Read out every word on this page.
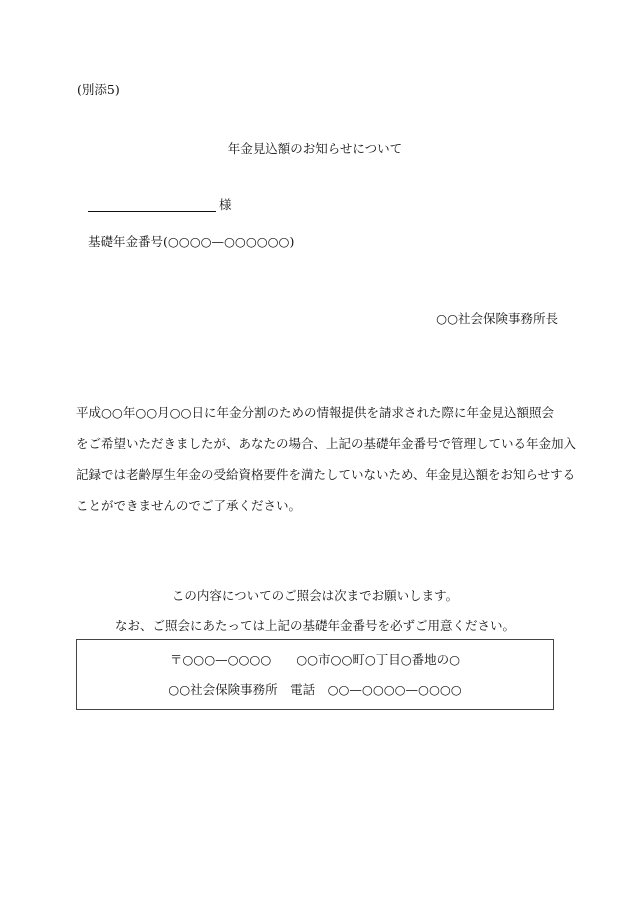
(別添5)
年金見込額のお知らせについて
様
基礎年金番号(○○○○—○○○○○○)
○○社会保険事務所長
平成○○年○○月○○日に年金分割のための情報提供を請求された際に年金見込額照会
をご希望いただきましたが、あなたの場合、上記の基礎年金番号で管理している年金加入
記録では老齢厚生年金の受給資格要件を満たしていないため、年金見込額をお知らせする
ことができませんのでご了承ください。
この内容についてのご照会は次までお願いします。
なお、ご照会にあたっては上記の基礎年金番号を必ずご用意ください。
〒○○○—○○○○　　○○市○○町○丁目○番地の○
○○社会保険事務所　電話　○○—○○○○—○○○○
